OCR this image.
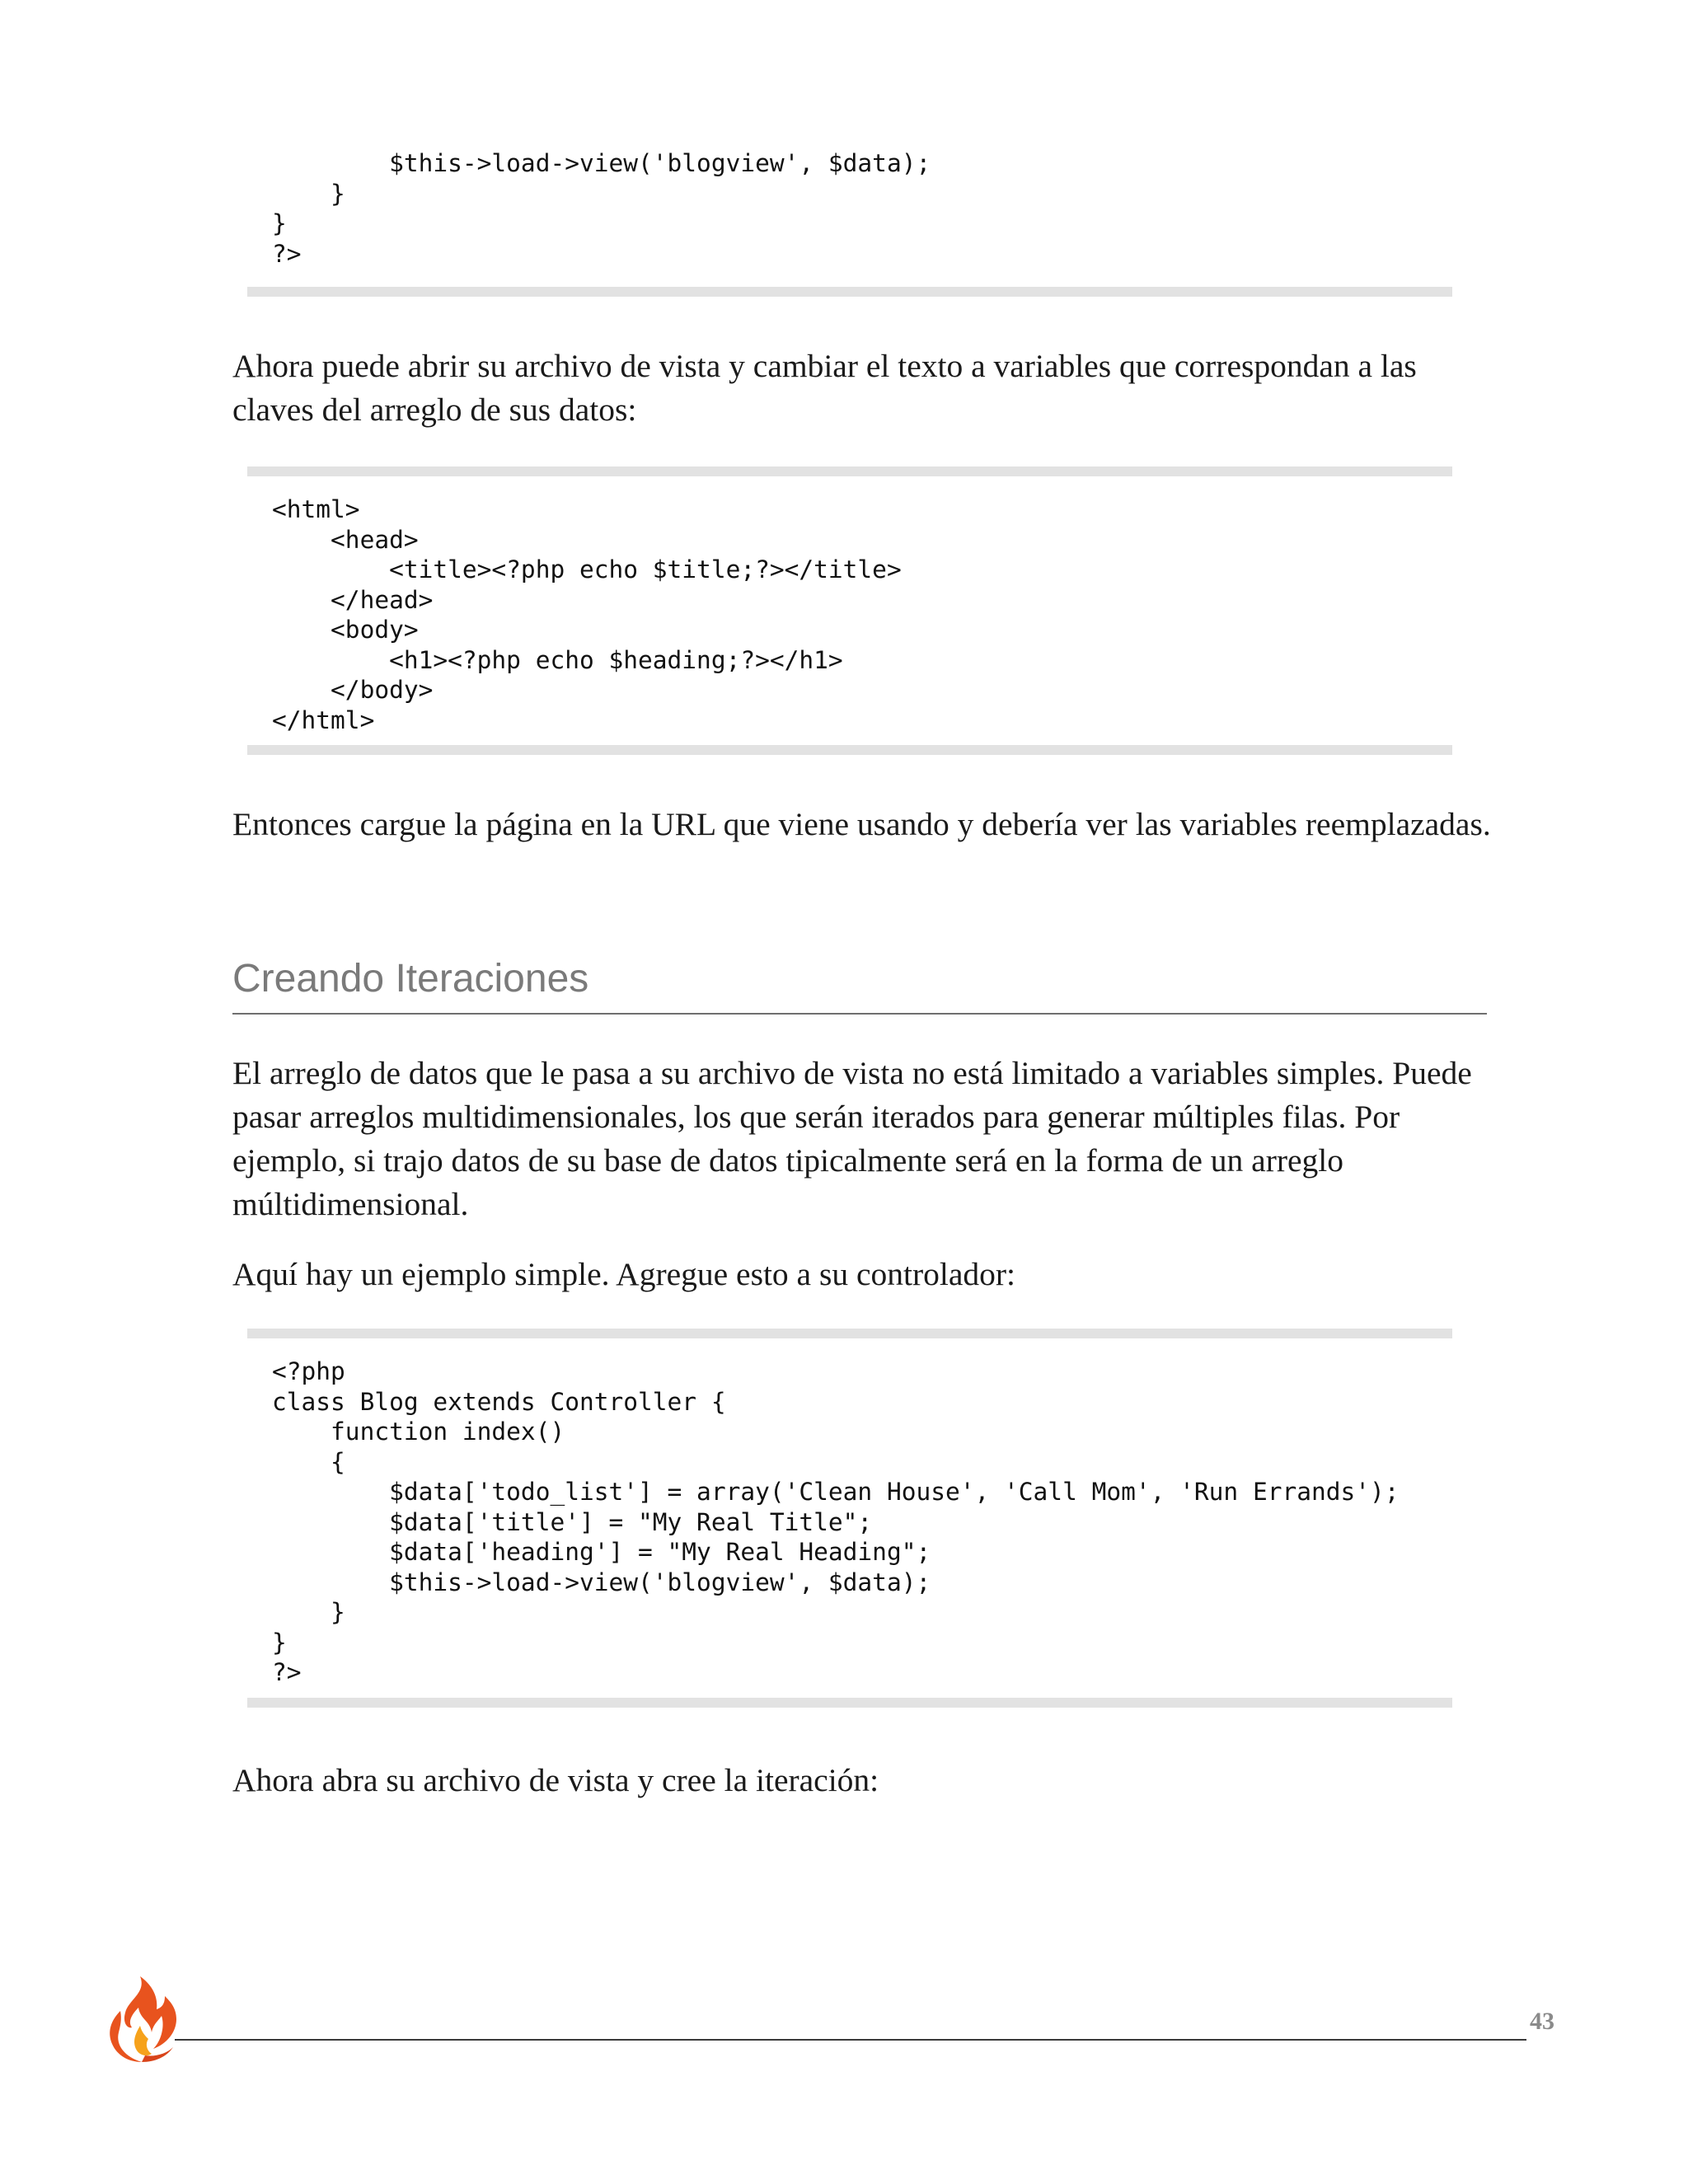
$this->load->view('blogview', $data);
}
}
?>

Ahora puede abrir su archivo de vista y cambiar el texto a variables que correspondan a las claves del arreglo de sus datos:

<html>
<head>
<title><?php echo $title;?></title>
</head>
<body>
<h1><?php echo $heading;?></h1>
</body>
</html>

Entonces cargue la página en la URL que viene usando y debería ver las variables reemplazadas.

Creando Iteraciones

El arreglo de datos que le pasa a su archivo de vista no está limitado a variables simples. Puede pasar arreglos multidimensionales, los que serán iterados para generar múltiples filas. Por ejemplo, si trajo datos de su base de datos tipicalmente será en la forma de un arreglo múltidimensional.

Aquí hay un ejemplo simple. Agregue esto a su controlador:

<?php
class Blog extends Controller {
function index()
{
$data['todo_list'] = array('Clean House', 'Call Mom', 'Run Errands');
$data['title'] = "My Real Title";
$data['heading'] = "My Real Heading";
$this->load->view('blogview', $data);
}
}
?>

Ahora abra su archivo de vista y cree la iteración:

43
